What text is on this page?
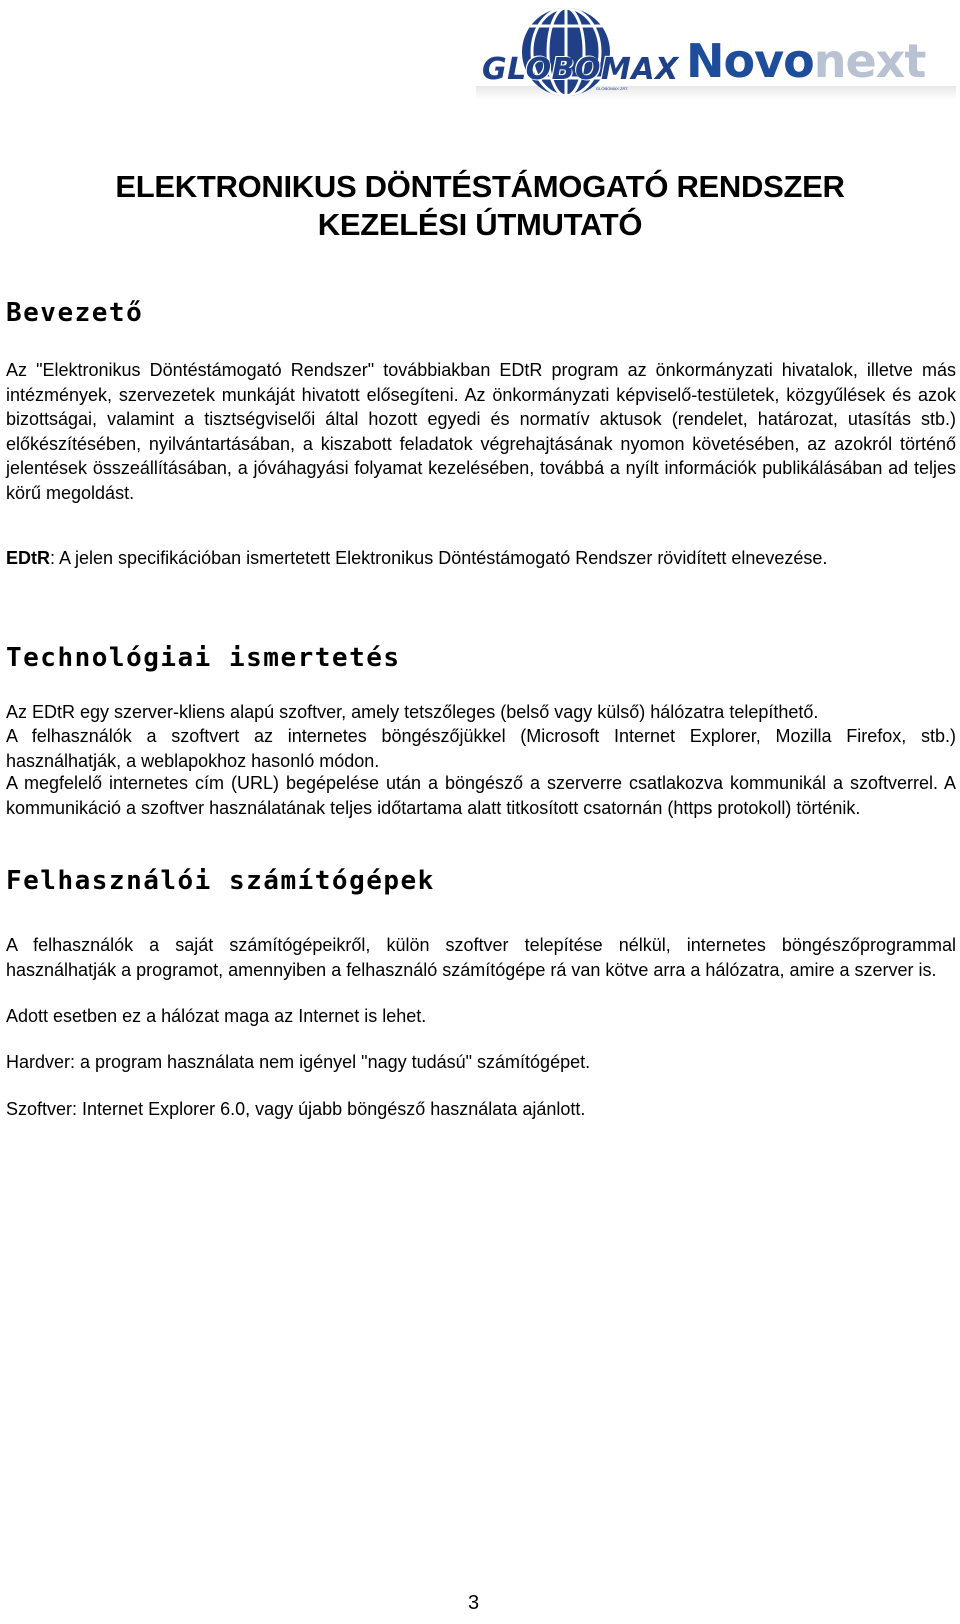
GLOBOMAX
GLOBOMAX ZRT.
Novonext
ELEKTRONIKUS DÖNTÉSTÁMOGATÓ RENDSZER
KEZELÉSI ÚTMUTATÓ
Bevezető

Az "Elektronikus Döntéstámogató Rendszer" továbbiakban EDtR program az önkormányzati hivatalok, illetve más intézmények, szervezetek munkáját hivatott elősegíteni. Az önkormányzati képviselő-testületek, közgyűlések és azok bizottságai, valamint a tisztségviselői által hozott egyedi és normatív aktusok (rendelet, határozat, utasítás stb.) előkészítésében, nyilvántartásában, a kiszabott feladatok végrehajtásának nyomon követésében, az azokról történő jelentések összeállításában, a jóváhagyási folyamat kezelésében, továbbá a nyílt információk publikálásában ad teljes körű megoldást.

EDtR: A jelen specifikációban ismertetett Elektronikus Döntéstámogató Rendszer rövidített elnevezése.

Technológiai ismertetés

Az EDtR egy szerver-kliens alapú szoftver, amely tetszőleges (belső vagy külső) hálózatra telepíthető.

A felhasználók a szoftvert az internetes böngészőjükkel (Microsoft Internet Explorer, Mozilla Firefox, stb.) használhatják, a weblapokhoz hasonló módon.

A megfelelő internetes cím (URL) begépelése után a böngésző a szerverre csatlakozva kommunikál a szoftverrel. A kommunikáció a szoftver használatának teljes időtartama alatt titkosított csatornán (https protokoll) történik.

Felhasználói számítógépek

A felhasználók a saját számítógépeikről, külön szoftver telepítése nélkül, internetes böngészőprogrammal használhatják a programot, amennyiben a felhasználó számítógépe rá van kötve arra a hálózatra, amire a szerver is.

Adott esetben ez a hálózat maga az Internet is lehet.

Hardver: a program használata nem igényel "nagy tudású" számítógépet.

Szoftver: Internet Explorer 6.0, vagy újabb böngésző használata ajánlott.

3
